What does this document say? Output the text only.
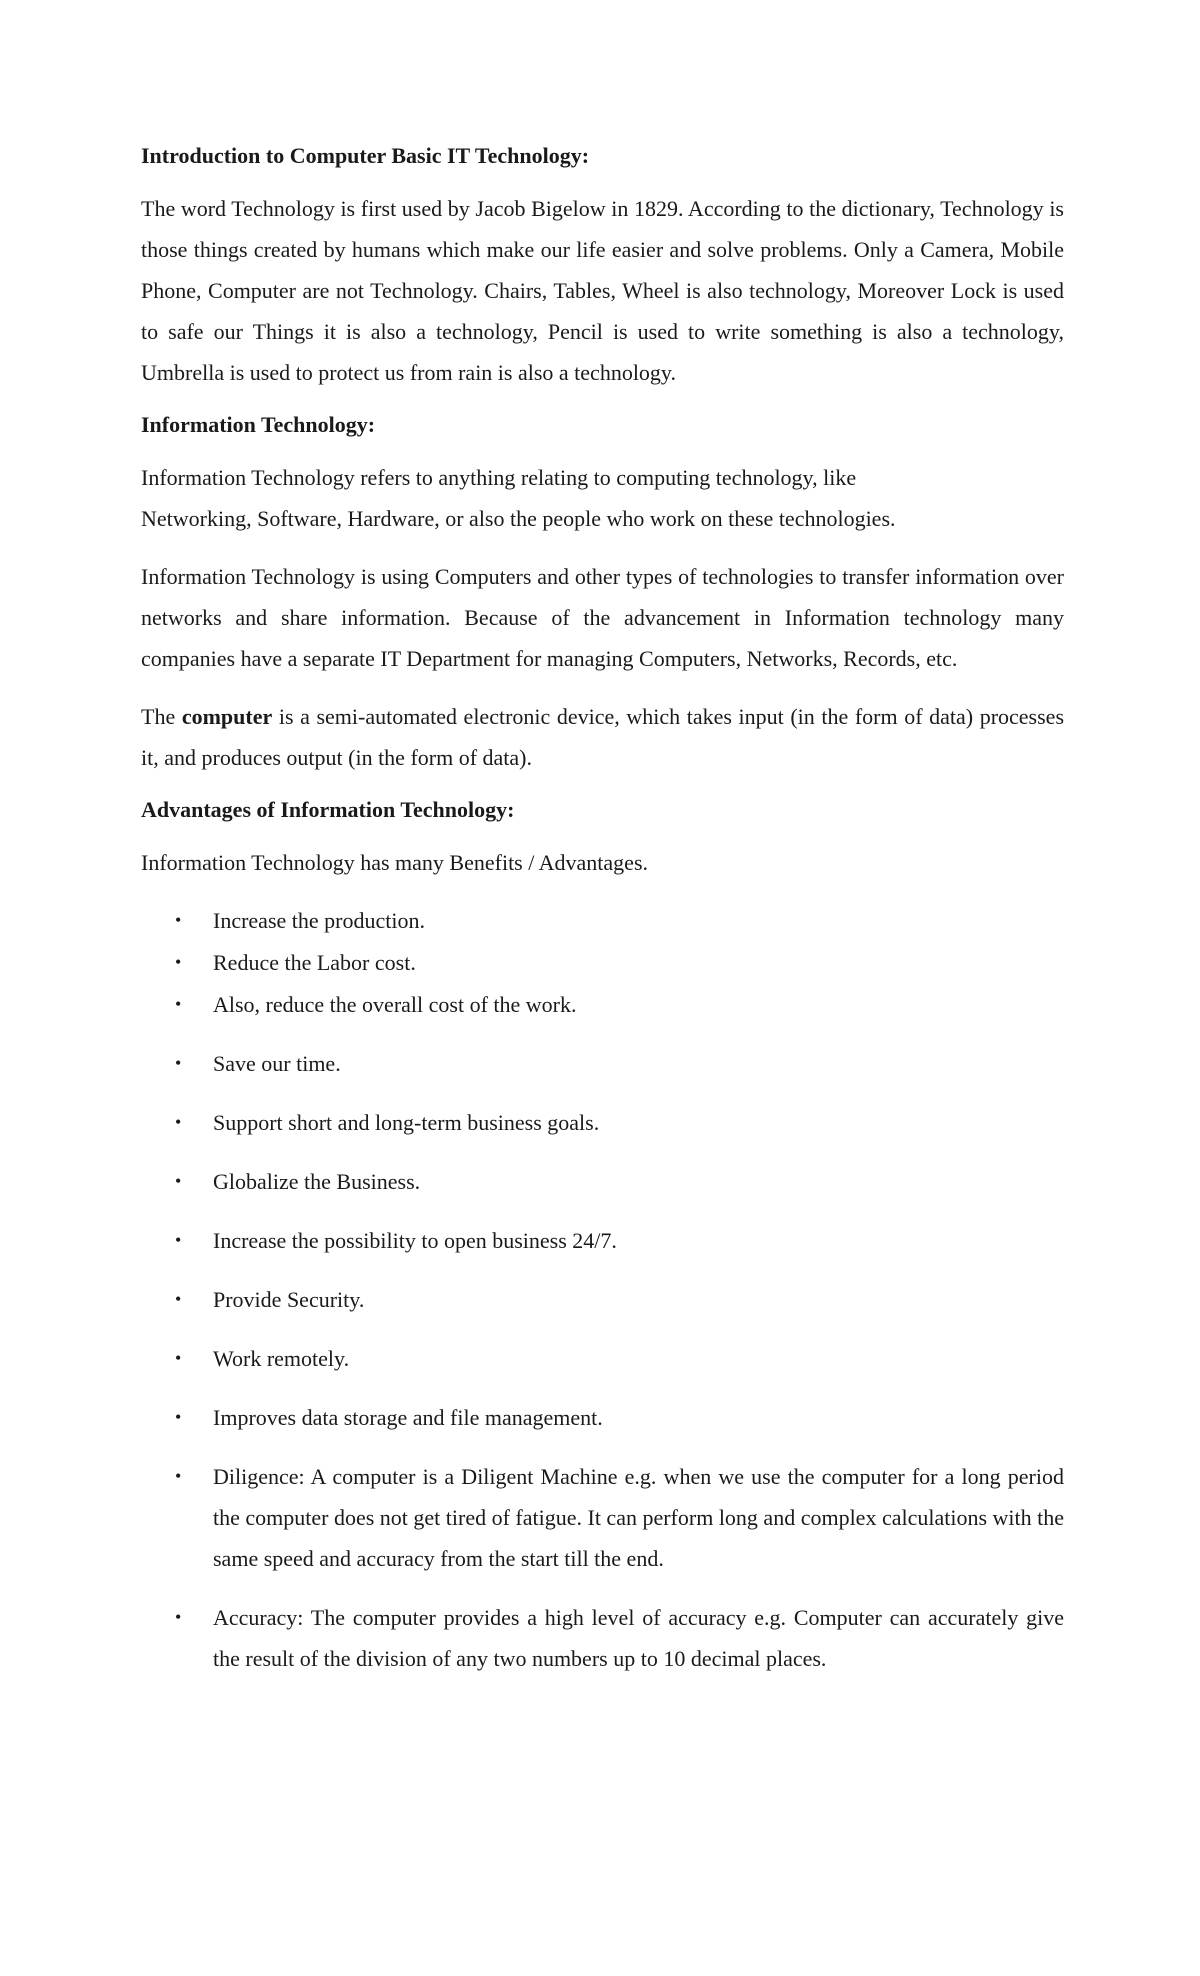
Introduction to Computer Basic IT Technology:

The word Technology is first used by Jacob Bigelow in 1829. According to the dictionary, Technology is those things created by humans which make our life easier and solve problems. Only a Camera, Mobile Phone, Computer are not Technology. Chairs, Tables, Wheel is also technology, Moreover Lock is used to safe our Things it is also a technology, Pencil is used to write something is also a technology, Umbrella is used to protect us from rain is also a technology.

Information Technology:

Information Technology refers to anything relating to computing technology, like
Networking, Software, Hardware, or also the people who work on these technologies.

Information Technology is using Computers and other types of technologies to transfer information over networks and share information. Because of the advancement in Information technology many companies have a separate IT Department for managing Computers, Networks, Records, etc.

The computer is a semi-automated electronic device, which takes input (in the form of data) processes it, and produces output (in the form of data).

Advantages of Information Technology:

Information Technology has many Benefits / Advantages.

• Increase the production.
• Reduce the Labor cost.
• Also, reduce the overall cost of the work.
• Save our time.
• Support short and long-term business goals.
• Globalize the Business.
• Increase the possibility to open business 24/7.
• Provide Security.
• Work remotely.
• Improves data storage and file management.
• Diligence: A computer is a Diligent Machine e.g. when we use the computer for a long period the computer does not get tired of fatigue. It can perform long and complex calculations with the same speed and accuracy from the start till the end.
• Accuracy: The computer provides a high level of accuracy e.g. Computer can accurately give the result of the division of any two numbers up to 10 decimal places.
